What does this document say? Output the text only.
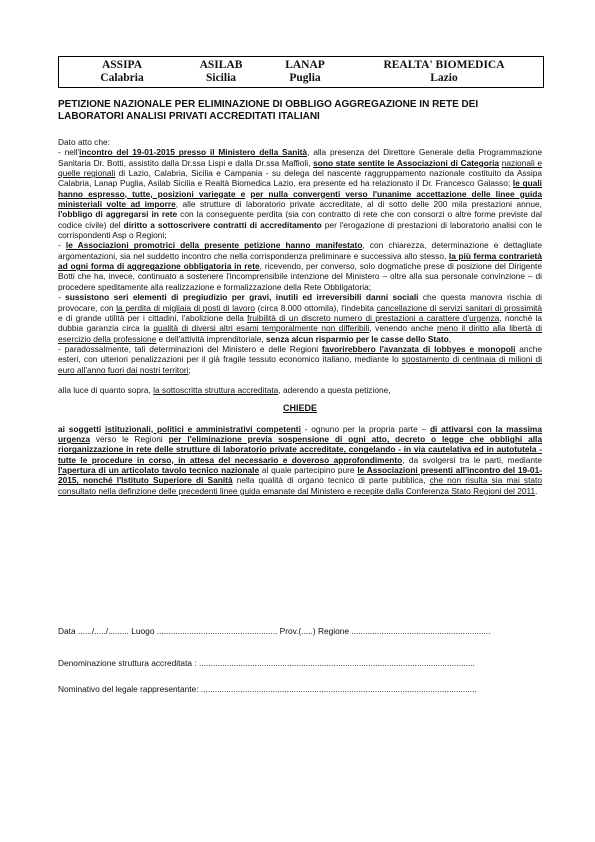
ASSIPA
Calabria
ASILAB
Sicilia
LANAP
Puglia
REALTA' BIOMEDICA
Lazio
PETIZIONE NAZIONALE PER ELIMINAZIONE DI OBBLIGO AGGREGAZIONE IN RETE DEI LABORATORI ANALISI PRIVATI ACCREDITATI ITALIANI

Dato atto che:

- nell'incontro del 19-01-2015 presso il Ministero della Sanità, alla presenza del Direttore Generale della Programmazione Sanitaria Dr. Botti, assistito dalla Dr.ssa Lispi e dalla Dr.ssa Maffioli, sono state sentite le Associazioni di Categoria nazionali e quelle regionali di Lazio, Calabria, Sicilia e Campania - su delega del nascente raggruppamento nazionale costituito da Assipa Calabria, Lanap Puglia, Asilab Sicilia e Realtà Biomedica Lazio, era presente ed ha relazionato il Dr. Francesco Galasso; le quali hanno espresso, tutte, posizioni variegate e per nulla convergenti verso l'unanime accettazione delle linee guida ministeriali volte ad imporre, alle strutture di laboratorio private accreditate, al di sotto delle 200 mila prestazioni annue, l'obbligo di aggregarsi in rete con la conseguente perdita (sia con contratto di rete che con consorzi o altre forme previste dal codice civile) del diritto a sottoscrivere contratti di accreditamento per l'erogazione di prestazioni di laboratorio analisi con le corrispondenti Asp o Regioni;

- le Associazioni promotrici della presente petizione hanno manifestato, con chiarezza, determinazione e dettagliate argomentazioni, sia nel suddetto incontro che nella corrispondenza preliminare e successiva allo stesso, la più ferma contrarietà ad ogni forma di aggregazione obbligatoria in rete, ricevendo, per converso, solo dogmatiche prese di posizione del Dirigente Botti che ha, invece, continuato a sostenere l'incomprensibile intenzione del Ministero – oltre alla sua personale convinzione – di procedere speditamente alla realizzazione e formalizzazione della Rete Obbligatoria;

- sussistono seri elementi di pregiudizio per gravi, inutili ed irreversibili danni sociali che questa manovra rischia di provocare, con la perdita di migliaia di posti di lavoro (circa 8.000 ottomila), l'indebita cancellazione di servizi sanitari di prossimità e di grande utilità per i cittadini, l'abolizione della fruibilità di un discreto numero di prestazioni a carattere d'urgenza, nonché la dubbia garanzia circa la qualità di diversi altri esami temporalmente non differibili, venendo anche meno il diritto alla libertà di esercizio della professione e dell'attività imprenditoriale, senza alcun risparmio per le casse dello Stato,

- paradossalmente, tali determinazioni del Ministero e delle Regioni favorirebbero l'avanzata di lobbyes e monopoli anche esteri, con ulteriori penalizzazioni per il già fragile tessuto economico italiano, mediante lo spostamento di centinaia di milioni di euro all'anno fuori dai nostri territori;

alla luce di quanto sopra, la sottoscritta struttura accreditata, aderendo a questa petizione,

CHIEDE

ai soggetti istituzionali, politici e amministrativi competenti - ognuno per la propria parte – di attivarsi con la massima urgenza verso le Regioni per l'eliminazione previa sospensione di ogni atto, decreto o legge che obblighi alla riorganizzazione in rete delle strutture di laboratorio private accreditate, congelando - in via cautelativa ed in autotutela - tutte le procedure in corso, in attesa del necessario e doveroso approfondimento, da svolgersi tra le parti, mediante l'apertura di un articolato tavolo tecnico nazionale al quale partecipino pure le Associazioni presenti all'incontro del 19-01-2015, nonché l'Istituto Superiore di Sanità nella qualità di organo tecnico di parte pubblica, che non risulta sia mai stato consultato nella definzione delle precedenti linee guida emanate dal Ministero e recepite dalla Conferenza Stato Regioni del 2011.

Data ....../...../......... Luogo .................................................... Prov.(.....) Regione ............................................................
Denominazione struttura accreditata : .......................................................................................................................
Nominativo del legale rappresentante: .......................................................................................................................
